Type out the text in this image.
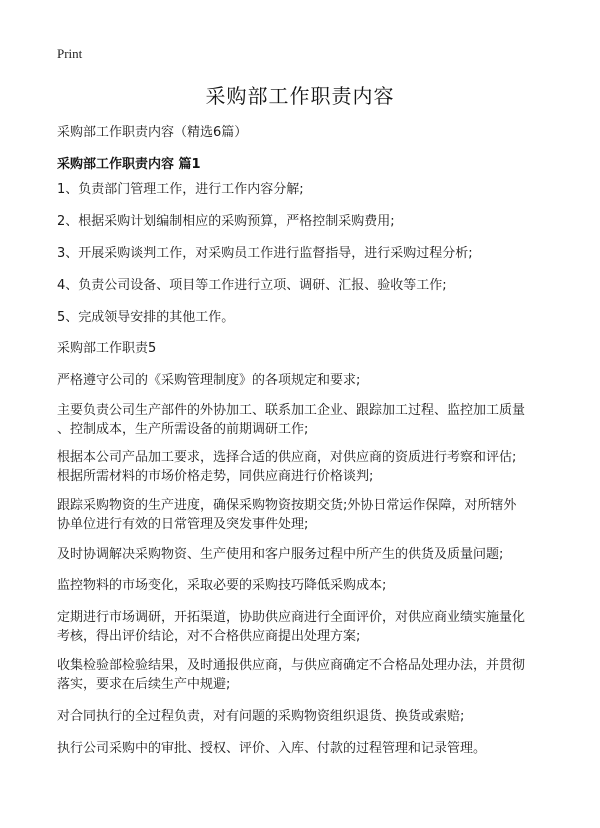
Print
采购部工作职责内容
采购部工作职责内容（精选6篇）
采购部工作职责内容 篇1
1、负责部门管理工作，进行工作内容分解;
2、根据采购计划编制相应的采购预算，严格控制采购费用;
3、开展采购谈判工作，对采购员工作进行监督指导，进行采购过程分析;
4、负责公司设备、项目等工作进行立项、调研、汇报、验收等工作;
5、完成领导安排的其他工作。
采购部工作职责5
严格遵守公司的《采购管理制度》的各项规定和要求;
主要负责公司生产部件的外协加工、联系加工企业、跟踪加工过程、监控加工质量
、控制成本，生产所需设备的前期调研工作;
根据本公司产品加工要求，选择合适的供应商，对供应商的资质进行考察和评估;
根据所需材料的市场价格走势，同供应商进行价格谈判;
跟踪采购物资的生产进度，确保采购物资按期交货;外协日常运作保障，对所辖外
协单位进行有效的日常管理及突发事件处理;
及时协调解决采购物资、生产使用和客户服务过程中所产生的供货及质量问题;
监控物料的市场变化，采取必要的采购技巧降低采购成本;
定期进行市场调研，开拓渠道，协助供应商进行全面评价，对供应商业绩实施量化
考核，得出评价结论，对不合格供应商提出处理方案;
收集检验部检验结果，及时通报供应商，与供应商确定不合格品处理办法，并贯彻
落实，要求在后续生产中规避;
对合同执行的全过程负责，对有问题的采购物资组织退货、换货或索赔;
执行公司采购中的审批、授权、评价、入库、付款的过程管理和记录管理。
